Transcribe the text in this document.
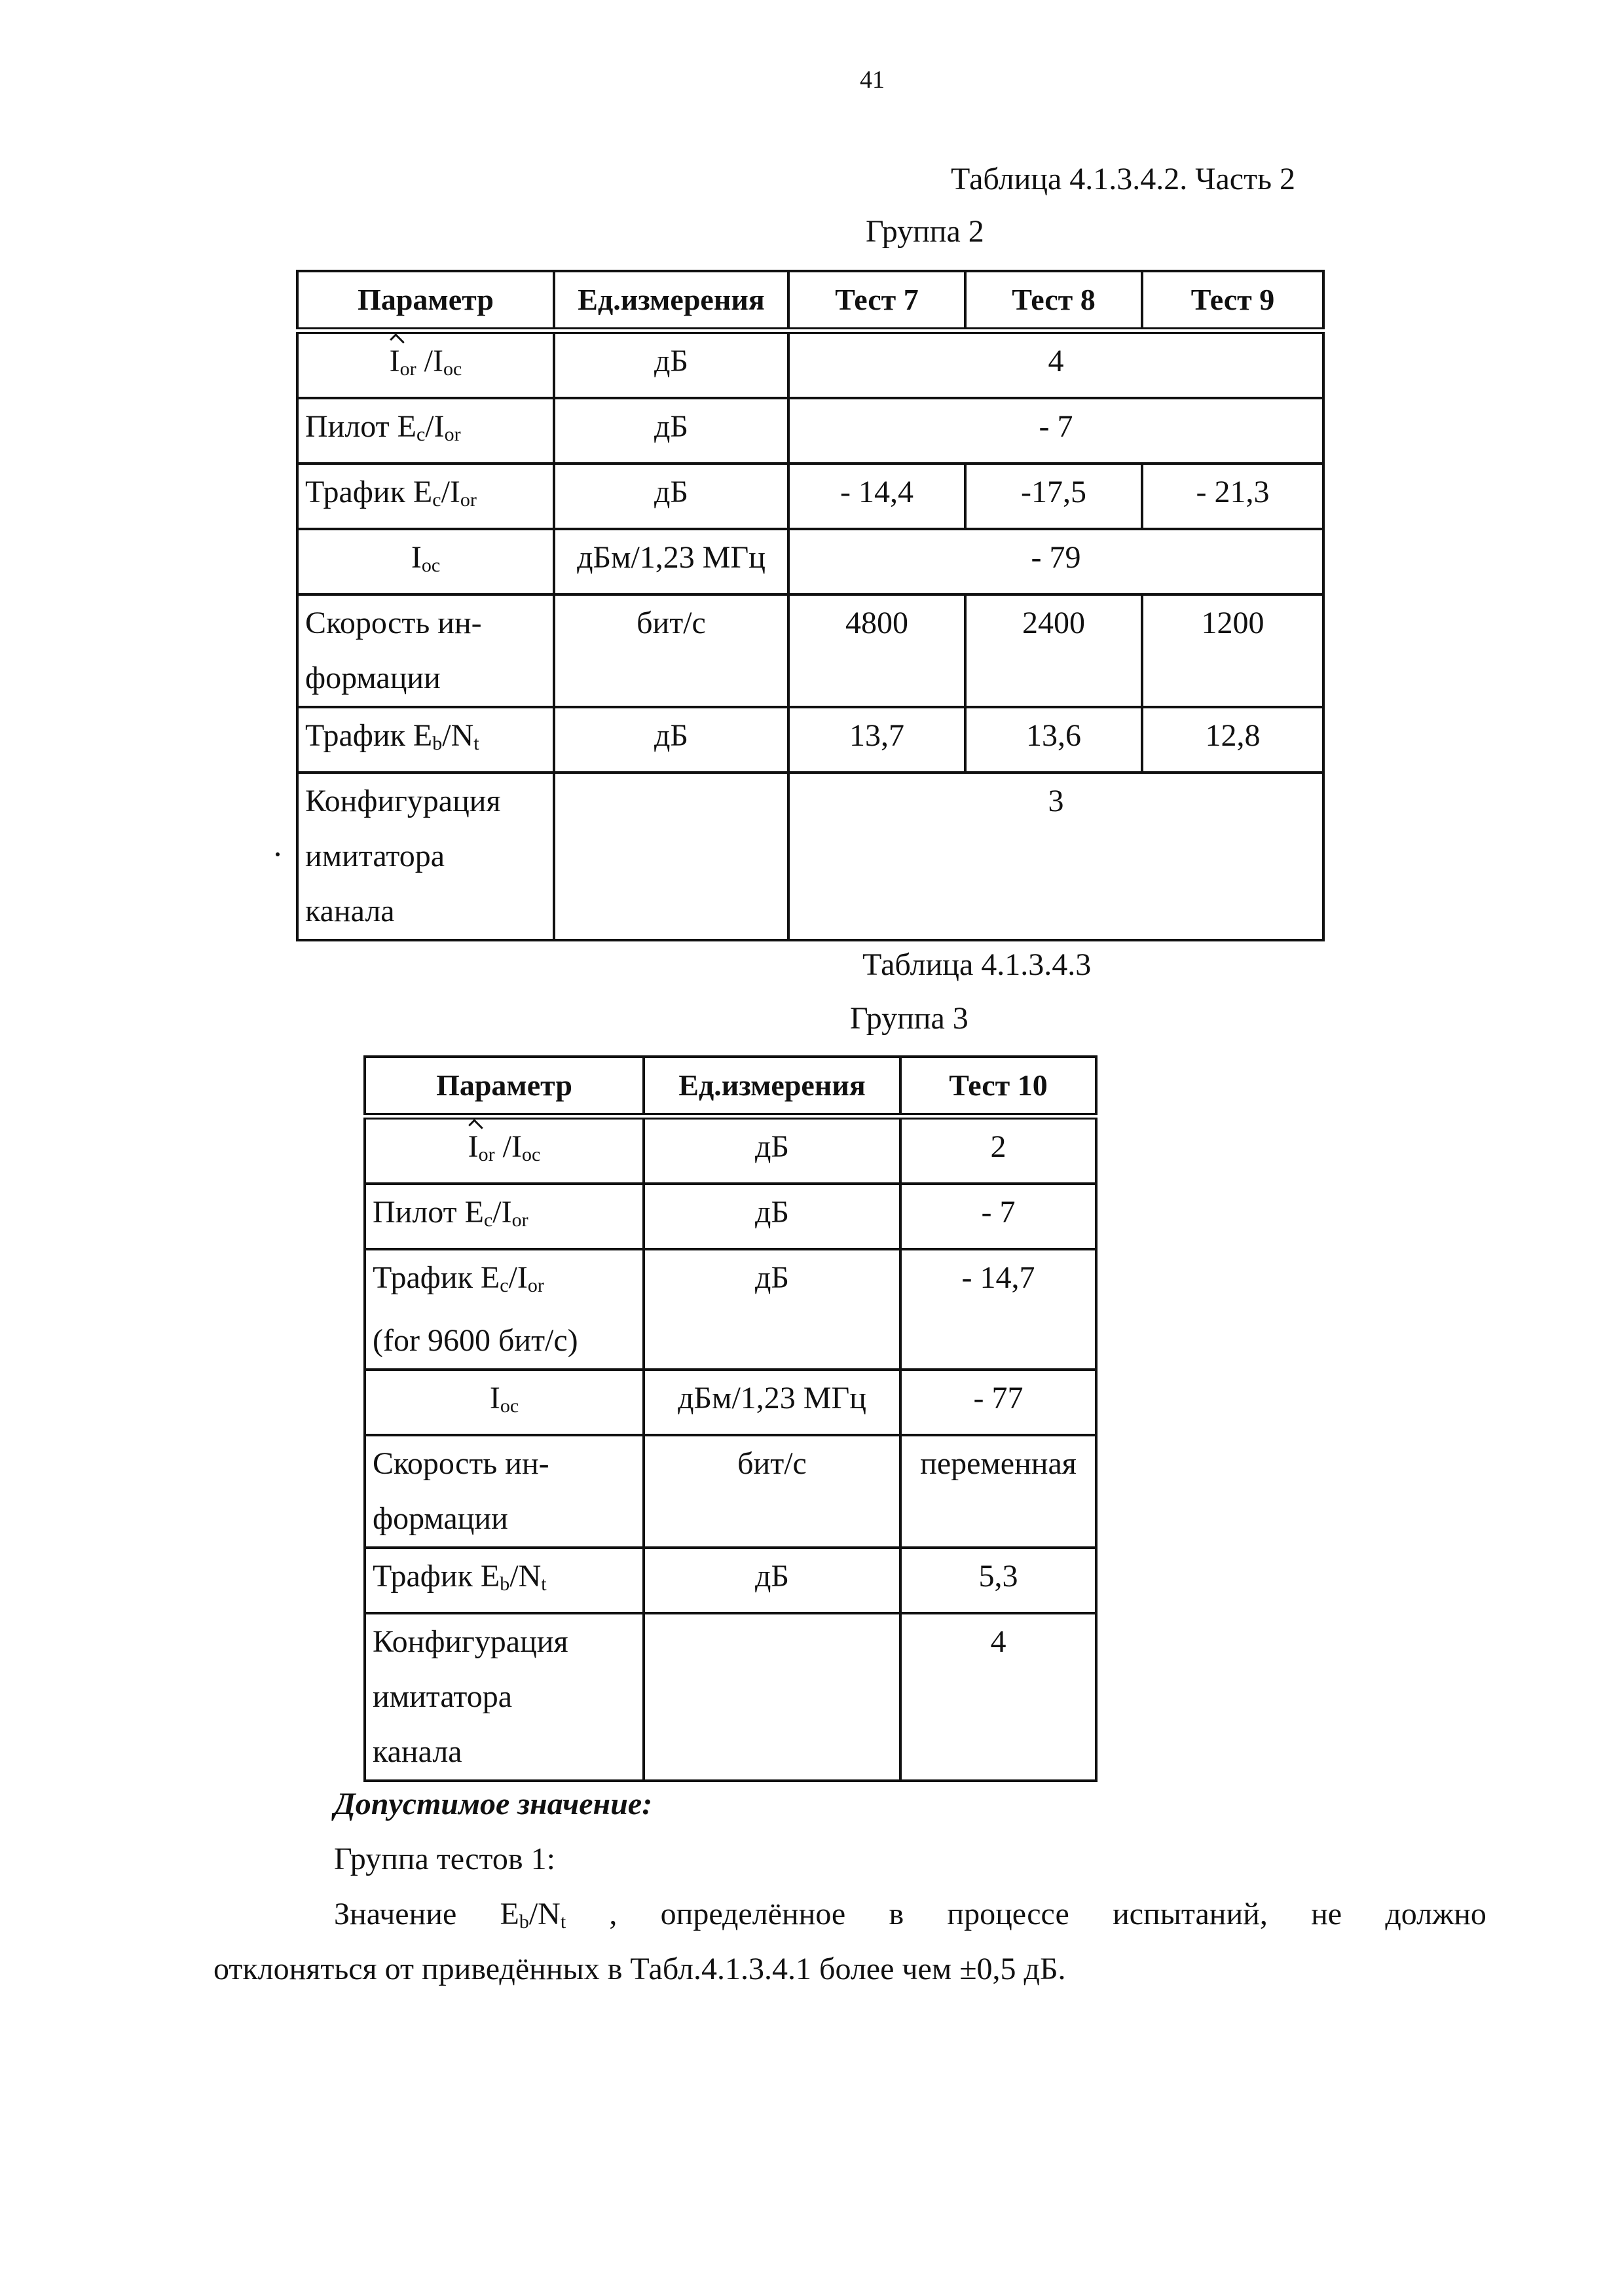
41
Таблица 4.1.3.4.2. Часть 2
Группа 2
Параметр	Ед.измерения	Тест 7	Тест 8	Тест 9
$I_{or}$ $/I_{oc}$	дБ	4		
Пилот $E_c/I_{or}$	дБ	- 7		
Трафик $E_c/I_{or}$	дБ	- 14,4	-17,5	- 21,3
$I_{oc}$	дБм/1,23 МГц	- 79		
Скорость ин-
формации	бит/с	4800	2400	1200
Трафик $E_b/N_t$	дБ	13,7	13,6	12,8
Конфигурация
имитатора
канала		3		
Таблица 4.1.3.4.3
Группа 3
Параметр	Ед.измерения	Тест 10
$I_{or}$ $/I_{oc}$	дБ	2
Пилот $E_c/I_{or}$	дБ	- 7
Трафик $E_c/I_{or}$
(for 9600 бит/с)	дБ	- 14,7
$I_{oc}$	дБм/1,23 МГц	- 77
Скорость ин-
формации	бит/с	переменная
Трафик $E_b/N_t$	дБ	5,3
Конфигурация
имитатора
канала		4
Допустимое значение:
Группа тестов 1:
Значение $E_b/N_t$ , определённое в процессе испытаний, не должно
отклоняться от приведённых в Табл.4.1.3.4.1 более чем ±0,5 дБ.
